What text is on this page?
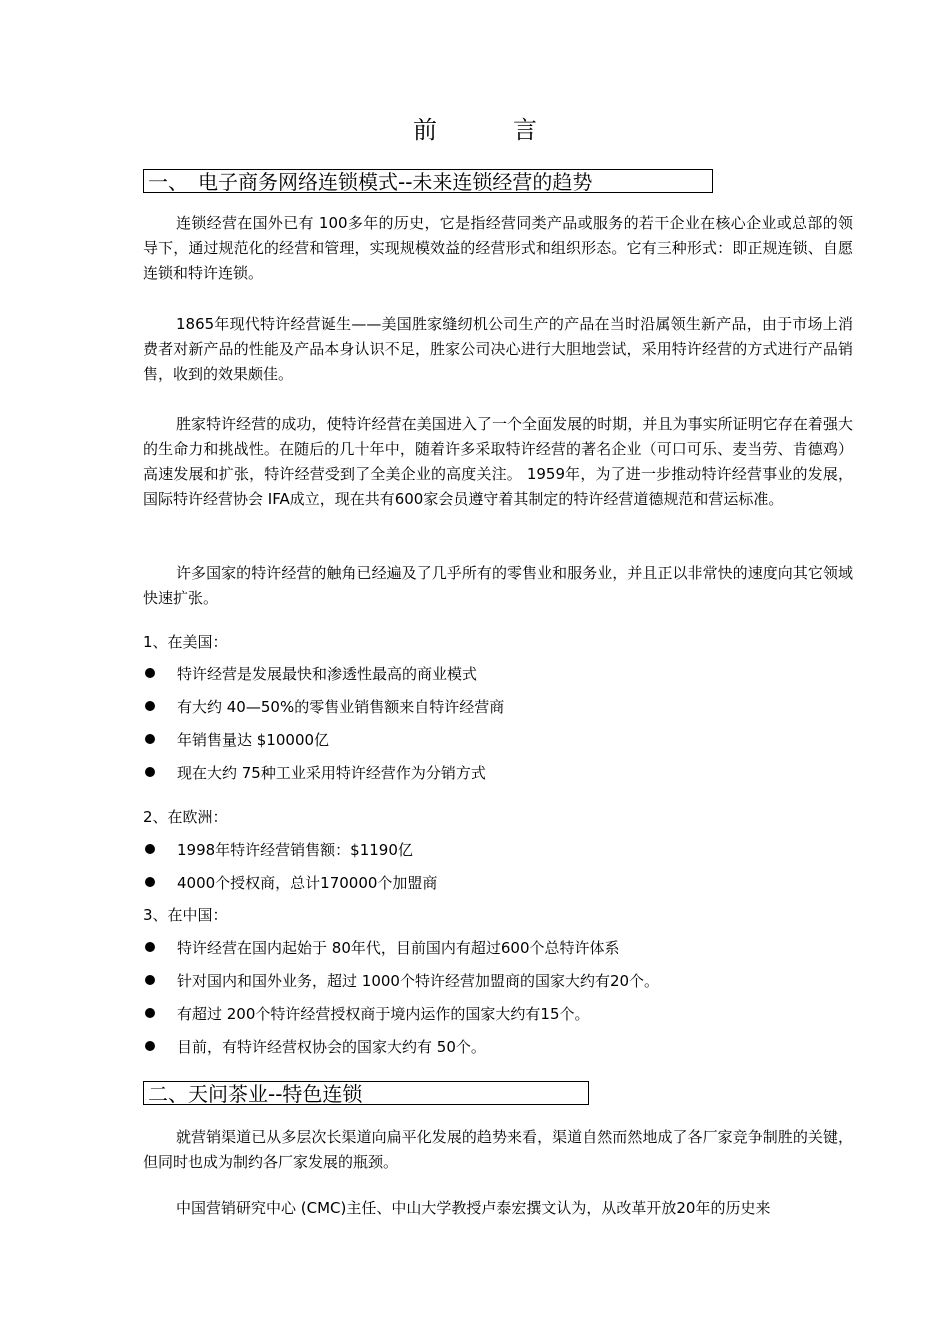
前　言
一、　电子商务网络连锁模式--未来连锁经营的趋势
连锁经营在国外已有 100多年的历史，它是指经营同类产品或服务的若干企业在核心企业或总部的领导下，通过规范化的经营和管理，实现规模效益的经营形式和组织形态。它有三种形式：即正规连锁、自愿连锁和特许连锁。
1865年现代特许经营诞生——美国胜家缝纫机公司生产的产品在当时沿属领生新产品，由于市场上消费者对新产品的性能及产品本身认识不足，胜家公司决心进行大胆地尝试，采用特许经营的方式进行产品销售，收到的效果颇佳。
胜家特许经营的成功，使特许经营在美国进入了一个全面发展的时期，并且为事实所证明它存在着强大的生命力和挑战性。在随后的几十年中，随着许多采取特许经营的著名企业（可口可乐、麦当劳、肯德鸡）高速发展和扩张，特许经营受到了全美企业的高度关注。 1959年，为了进一步推动特许经营事业的发展，国际特许经营协会 IFA成立，现在共有600家会员遵守着其制定的特许经营道德规范和营运标准。
许多国家的特许经营的触角已经遍及了几乎所有的零售业和服务业，并且正以非常快的速度向其它领域快速扩张。
1、在美国：
特许经营是发展最快和渗透性最高的商业模式
有大约 40—50%的零售业销售额来自特许经营商
年销售量达 $10000亿
现在大约 75种工业采用特许经营作为分销方式
2、在欧洲：
1998年特许经营销售额：$1190亿
4000个授权商，总计170000个加盟商
3、在中国：
特许经营在国内起始于 80年代，目前国内有超过600个总特许体系
针对国内和国外业务，超过 1000个特许经营加盟商的国家大约有20个。
有超过 200个特许经营授权商于境内运作的国家大约有15个。
目前，有特许经营权协会的国家大约有 50个。
二、天问茶业--特色连锁
就营销渠道已从多层次长渠道向扁平化发展的趋势来看，渠道自然而然地成了各厂家竞争制胜的关键，但同时也成为制约各厂家发展的瓶颈。
中国营销研究中心 (CMC)主任、中山大学教授卢泰宏撰文认为，从改革开放20年的历史来
